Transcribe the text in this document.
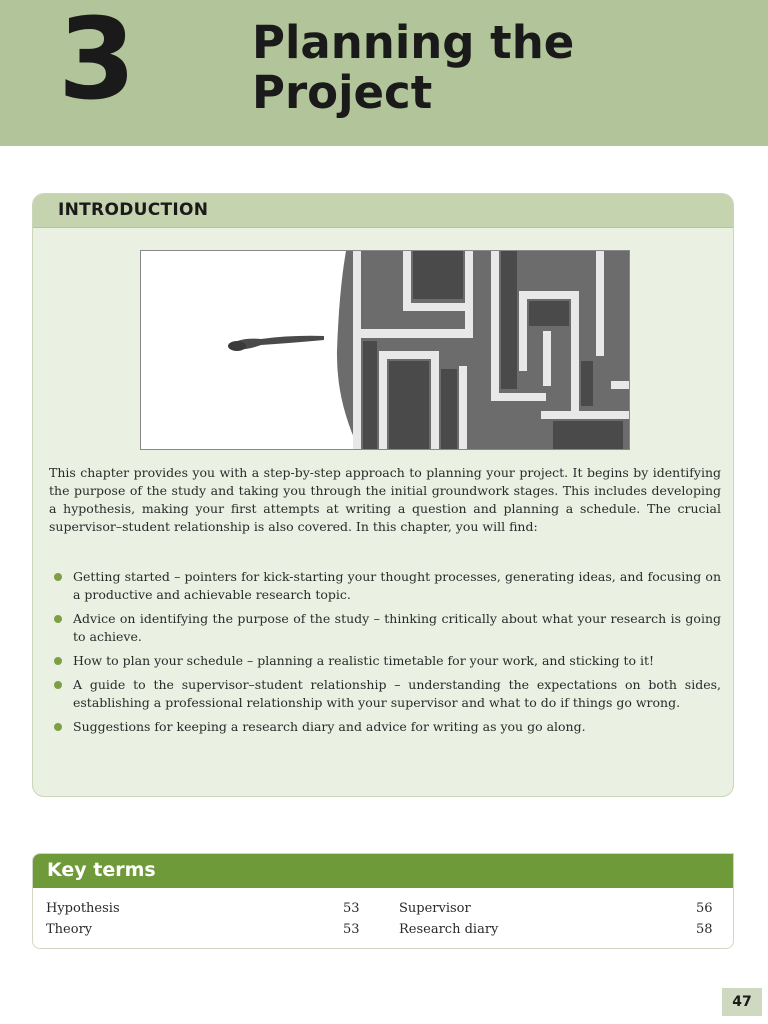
3	Planning the
Project
INTRODUCTION

This chapter provides you with a step-by-step approach to planning your project. It begins by identifying the purpose of the study and taking you through the initial groundwork stages. This includes developing a hypothesis, making your first attempts at writing a question and planning a schedule. The crucial supervisor–student relationship is also covered. In this chapter, you will find:

Getting started – pointers for kick-starting your thought processes, generating ideas, and focusing on a productive and achievable research topic.
Advice on identifying the purpose of the study – thinking critically about what your research is going to achieve.
How to plan your schedule – planning a realistic timetable for your work, and sticking to it!
A guide to the supervisor–student relationship – understanding the expectations on both sides, establishing a professional relationship with your supervisor and what to do if things go wrong.
Suggestions for keeping a research diary and advice for writing as you go along.
Key terms
Hypothesis	53
Theory	53
Supervisor	56
Research diary	58
47
